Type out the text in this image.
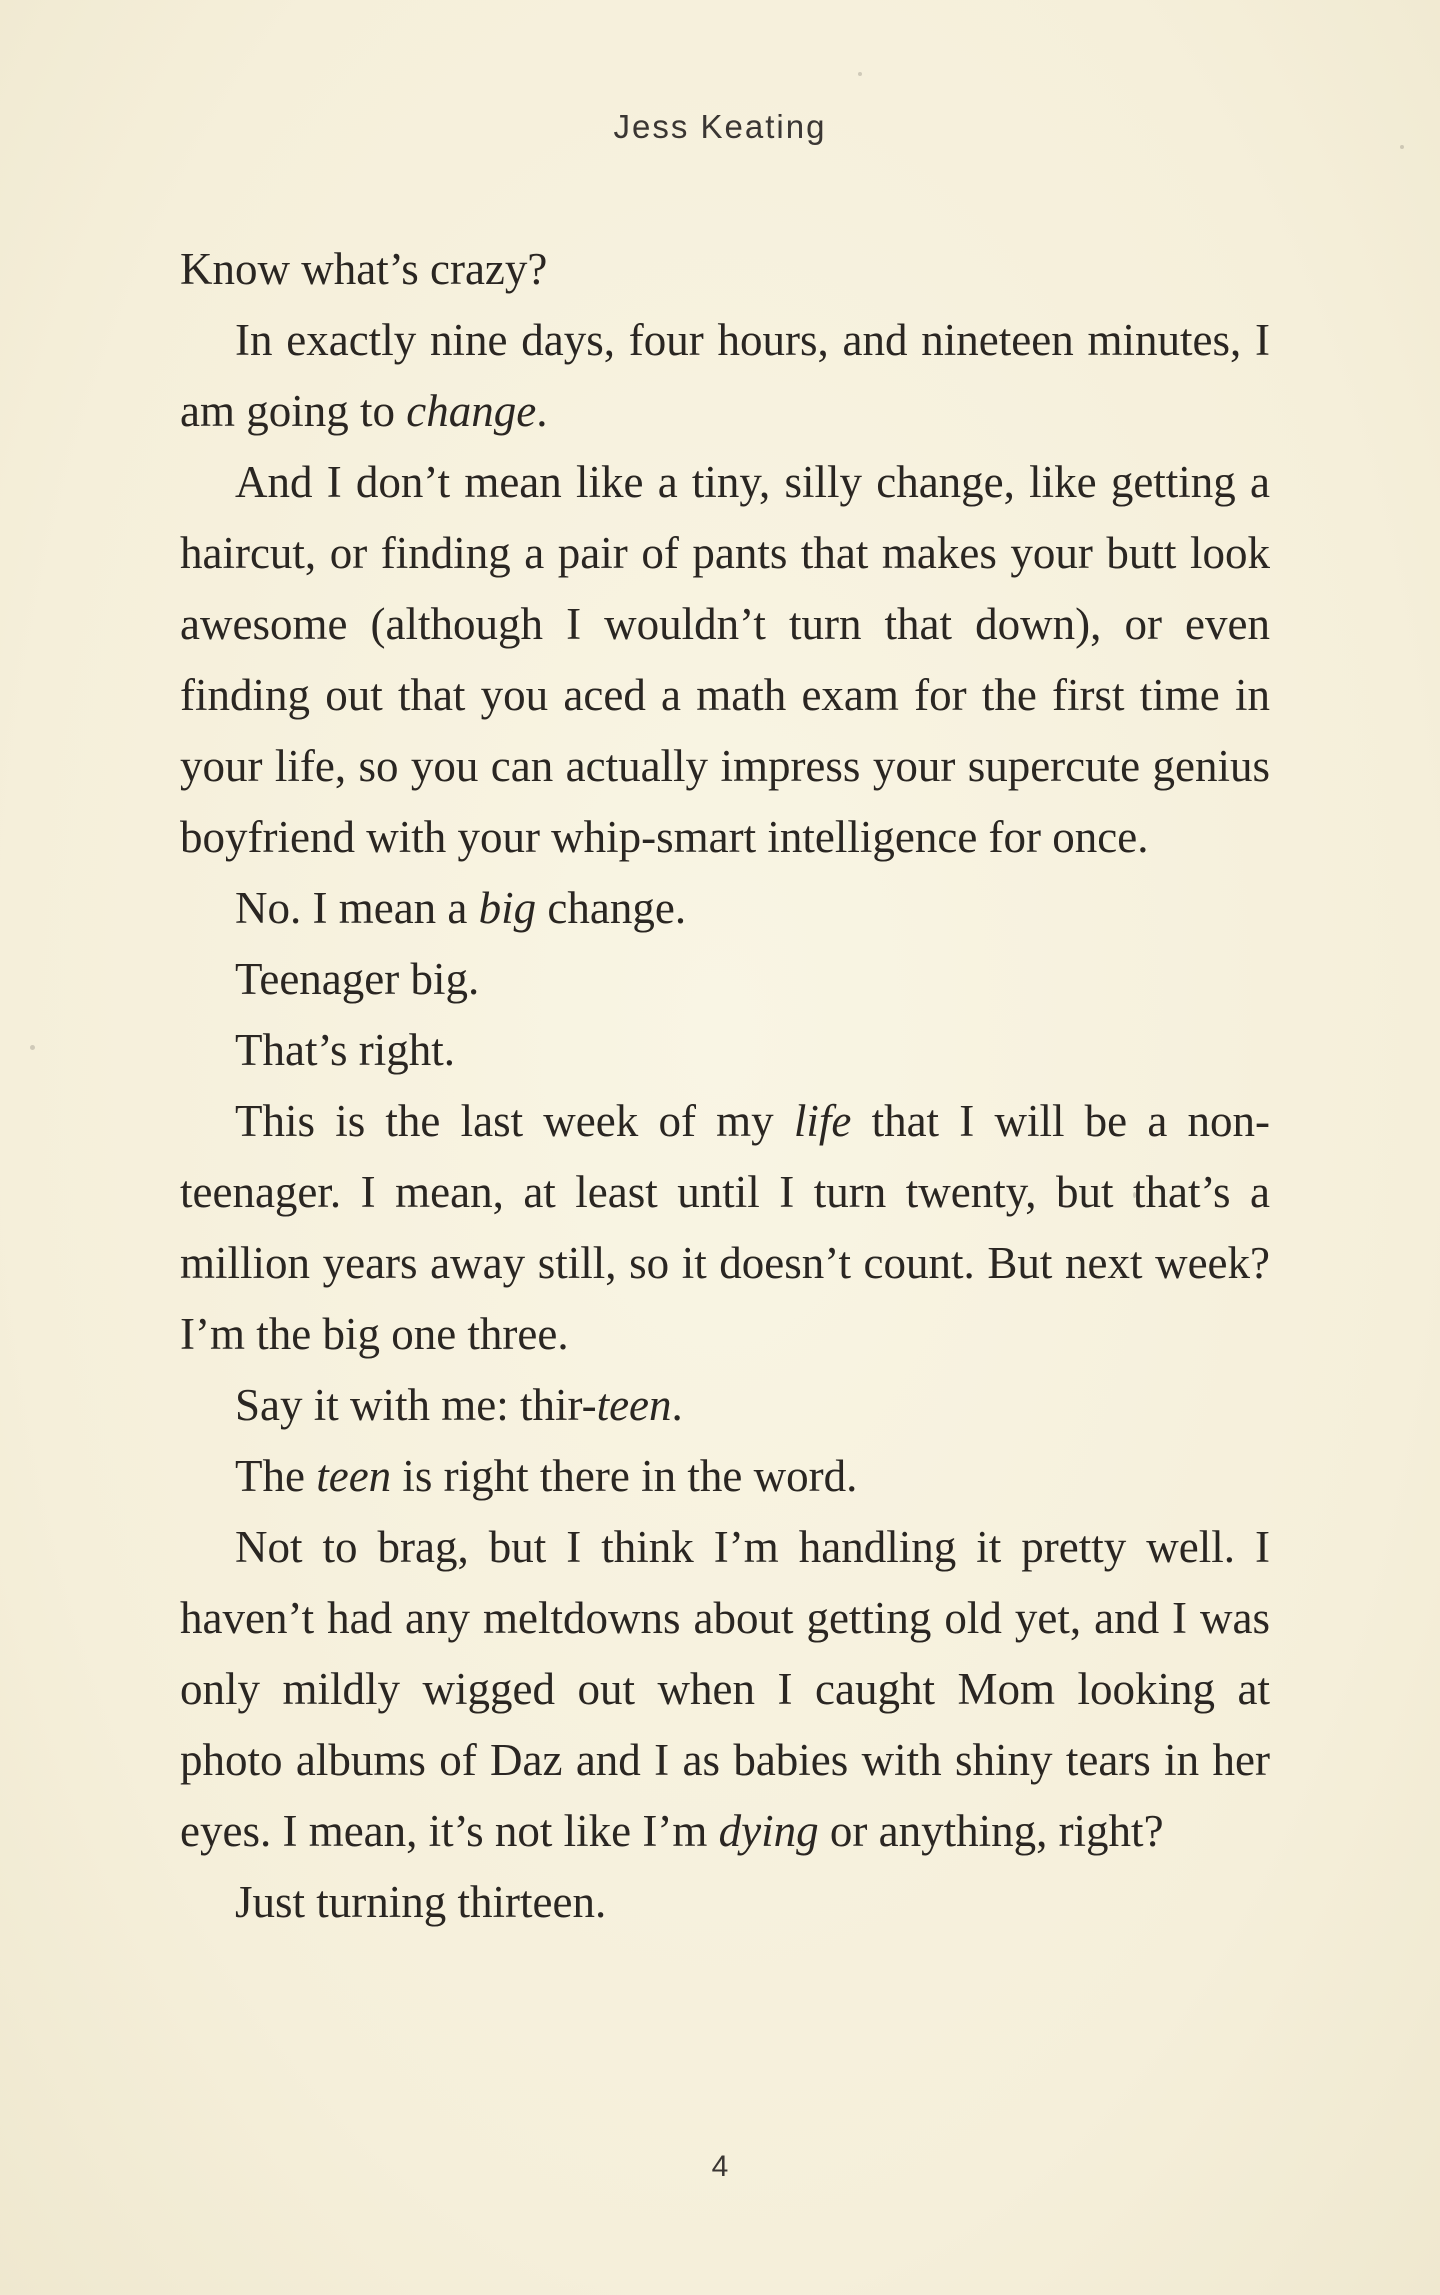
Jess Keating

Know what’s crazy?

In exactly nine days, four hours, and nineteen minutes, I am going to change.

And I don’t mean like a tiny, silly change, like getting a haircut, or finding a pair of pants that makes your butt look awesome (although I wouldn’t turn that down), or even finding out that you aced a math exam for the first time in your life, so you can actually impress your supercute genius boyfriend with your whip-smart intelligence for once.

No. I mean a big change.

Teenager big.

That’s right.

This is the last week of my life that I will be a non-teenager. I mean, at least until I turn twenty, but that’s a million years away still, so it doesn’t count. But next week? I’m the big one three.

Say it with me: thir-teen.

The teen is right there in the word.

Not to brag, but I think I’m handling it pretty well. I haven’t had any meltdowns about getting old yet, and I was only mildly wigged out when I caught Mom looking at photo albums of Daz and I as babies with shiny tears in her eyes. I mean, it’s not like I’m dying or anything, right?

Just turning thirteen.

4
